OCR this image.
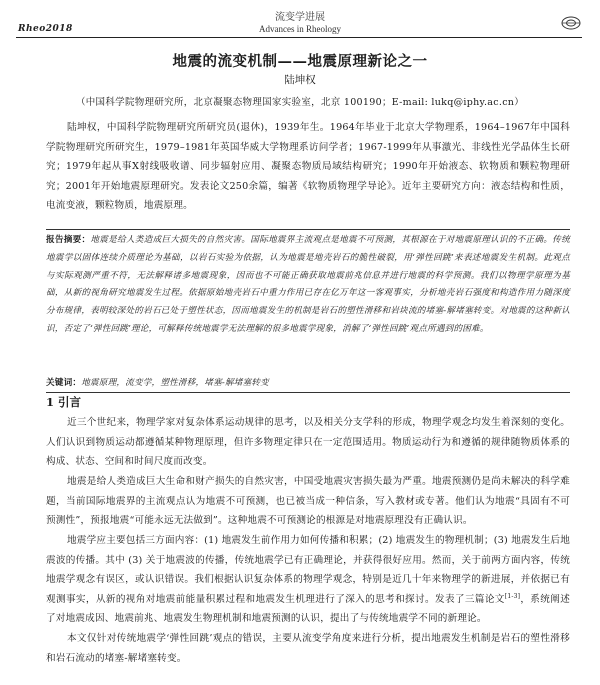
Rheo2018
流变学进展
Advances in Rheology
地震的流变机制——地震原理新论之一
陆坤权
（中国科学院物理研究所，北京凝聚态物理国家实验室，北京 100190；E-mail: lukq@iphy.ac.cn）
陆坤权，中国科学院物理研究所研究员(退休)，1939年生。1964年毕业于北京大学物理系，1964–1967年中国科学院物理研究所研究生，1979–1981年英国华威大学物理系访问学者；1967-1999年从事激光、非线性光学晶体生长研究；1979年起从事X射线吸收谱、同步辐射应用、凝聚态物质局域结构研究；1990年开始液态、软物质和颗粒物理研究；2001年开始地震原理研究。发表论文250余篇，编著《软物质物理学导论》。近年主要研究方向：液态结构和性质，电流变液，颗粒物质，地震原理。
报告摘要：地震是给人类造成巨大损失的自然灾害。国际地震界主流观点是地震不可预测，其根源在于对地震原理认识的不正确。传统地震学以固体连续介质理论为基础，以岩石实验为依据，认为地震是地壳岩石的脆性破裂，用‘弹性回跳’来表述地震发生机制。此观点与实际观测严重不符，无法解释诸多地震现象，因而也不可能正确获取地震前兆信息并进行地震的科学预测。我们以物理学原理为基础，从新的视角研究地震发生过程。依据原始地壳岩石中重力作用已存在亿万年这一客观事实，分析地壳岩石强度和构造作用力随深度分布规律，表明较深处的岩石已处于塑性状态，因而地震发生的机制是岩石的塑性滑移和岩块流的堵塞-解堵塞转变。对地震的这种新认识，否定了‘弹性回跳’理论，可解释传统地震学无法理解的很多地震学现象，消解了‘弹性回跳’观点所遇到的困难。
关键词：地震原理，流变学，塑性滑移，堵塞-解堵塞转变
1 引言
近三个世纪来，物理学家对复杂体系运动规律的思考，以及相关分支学科的形成，物理学观念均发生着深刻的变化。人们认识到物质运动都遵循某种物理原理，但许多物理定律只在一定范围适用。物质运动行为和遵循的规律随物质体系的构成、状态、空间和时间尺度而改变。
地震是给人类造成巨大生命和财产损失的自然灾害，中国受地震灾害损失最为严重。地震预测仍是尚未解决的科学难题，当前国际地震界的主流观点认为地震不可预测，也已被当成一种信条，写入教材或专著。他们认为地震“具固有不可预测性”，预报地震“可能永远无法做到”。这种地震不可预测论的根源是对地震原理没有正确认识。
地震学应主要包括三方面内容：(1) 地震发生前作用力如何传播和积累；(2) 地震发生的物理机制；(3) 地震发生后地震波的传播。其中 (3) 关于地震波的传播，传统地震学已有正确理论，并获得很好应用。然而，关于前两方面内容，传统地震学观念有误区，或认识错误。我们根据认识复杂体系的物理学观念，特别是近几十年来物理学的新进展，并依据已有观测事实，从新的视角对地震前能量积累过程和地震发生机理进行了深入的思考和探讨。发表了三篇论文[1-3]，系统阐述了对地震成因、地震前兆、地震发生物理机制和地震预测的认识，提出了与传统地震学不同的新理论。
本文仅针对传统地震学‘弹性回跳’观点的错误，主要从流变学角度来进行分析，提出地震发生机制是岩石的塑性滑移和岩石流动的堵塞-解堵塞转变。
